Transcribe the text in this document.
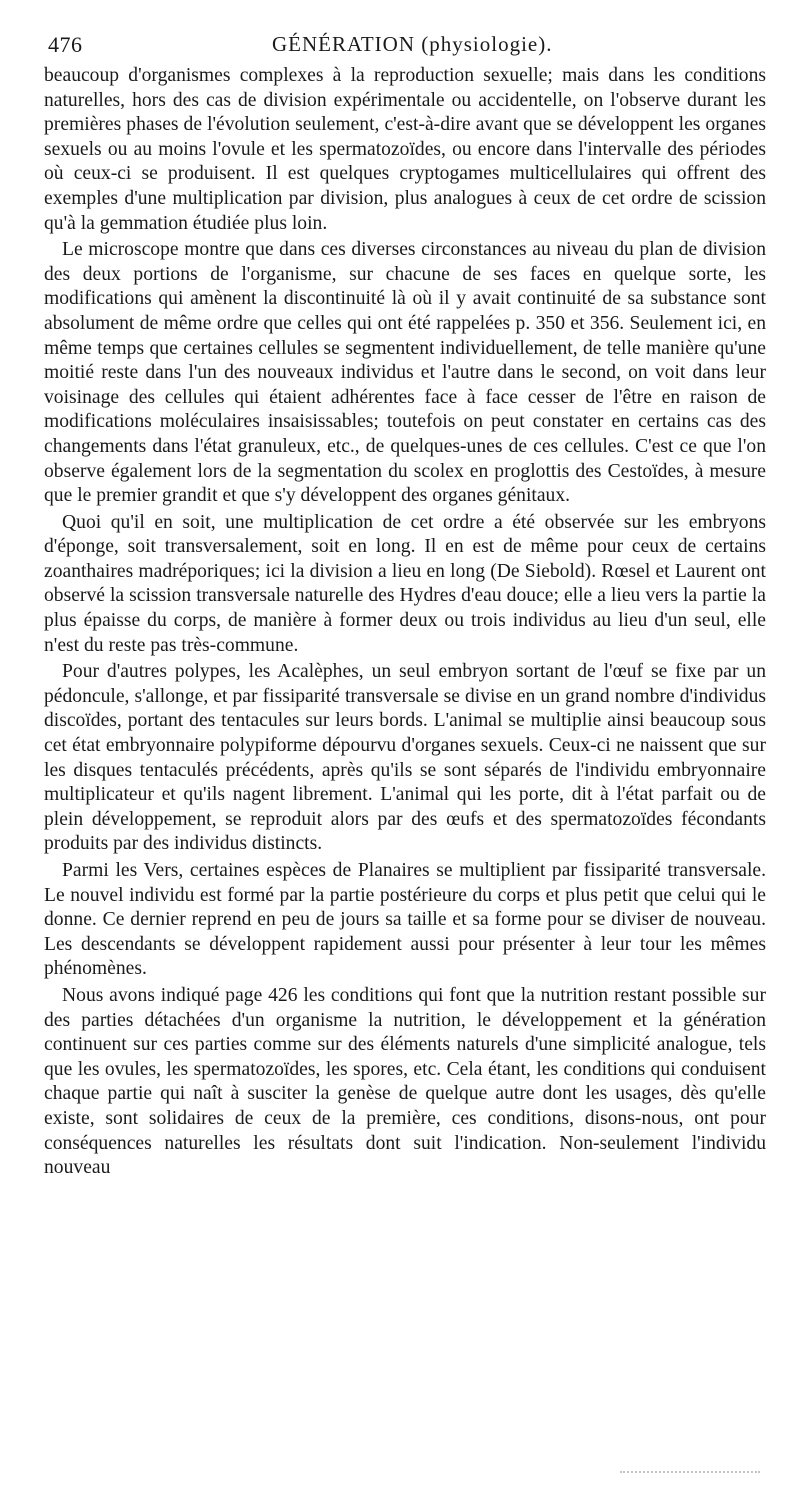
476	GÉNÉRATION (physiologie).

beaucoup d'organismes complexes à la reproduction sexuelle; mais dans les conditions naturelles, hors des cas de division expérimentale ou accidentelle, on l'observe durant les premières phases de l'évolution seulement, c'est-à-dire avant que se développent les organes sexuels ou au moins l'ovule et les spermatozoïdes, ou encore dans l'intervalle des périodes où ceux-ci se produisent. Il est quelques cryptogames multicellulaires qui offrent des exemples d'une multiplication par division, plus analogues à ceux de cet ordre de scission qu'à la gemmation étudiée plus loin.

Le microscope montre que dans ces diverses circonstances au niveau du plan de division des deux portions de l'organisme, sur chacune de ses faces en quelque sorte, les modifications qui amènent la discontinuité là où il y avait continuité de sa substance sont absolument de même ordre que celles qui ont été rappelées p. 350 et 356. Seulement ici, en même temps que certaines cellules se segmentent individuellement, de telle manière qu'une moitié reste dans l'un des nouveaux individus et l'autre dans le second, on voit dans leur voisinage des cellules qui étaient adhérentes face à face cesser de l'être en raison de modifications moléculaires insaisissables; toutefois on peut constater en certains cas des changements dans l'état granuleux, etc., de quelques-unes de ces cellules. C'est ce que l'on observe également lors de la segmentation du scolex en proglottis des Cestoïdes, à mesure que le premier grandit et que s'y développent des organes génitaux.

Quoi qu'il en soit, une multiplication de cet ordre a été observée sur les embryons d'éponge, soit transversalement, soit en long. Il en est de même pour ceux de certains zoanthaires madréporiques; ici la division a lieu en long (De Siebold). Rœsel et Laurent ont observé la scission transversale naturelle des Hydres d'eau douce; elle a lieu vers la partie la plus épaisse du corps, de manière à former deux ou trois individus au lieu d'un seul, elle n'est du reste pas très-commune.

Pour d'autres polypes, les Acalèphes, un seul embryon sortant de l'œuf se fixe par un pédoncule, s'allonge, et par fissiparité transversale se divise en un grand nombre d'individus discoïdes, portant des tentacules sur leurs bords. L'animal se multiplie ainsi beaucoup sous cet état embryonnaire polypiforme dépourvu d'organes sexuels. Ceux-ci ne naissent que sur les disques tentaculés précédents, après qu'ils se sont séparés de l'individu embryonnaire multiplicateur et qu'ils nagent librement. L'animal qui les porte, dit à l'état parfait ou de plein développement, se reproduit alors par des œufs et des spermatozoïdes fécondants produits par des individus distincts.

Parmi les Vers, certaines espèces de Planaires se multiplient par fissiparité transversale. Le nouvel individu est formé par la partie postérieure du corps et plus petit que celui qui le donne. Ce dernier reprend en peu de jours sa taille et sa forme pour se diviser de nouveau. Les descendants se développent rapidement aussi pour présenter à leur tour les mêmes phénomènes.

Nous avons indiqué page 426 les conditions qui font que la nutrition restant possible sur des parties détachées d'un organisme la nutrition, le développement et la génération continuent sur ces parties comme sur des éléments naturels d'une simplicité analogue, tels que les ovules, les spermatozoïdes, les spores, etc. Cela étant, les conditions qui conduisent chaque partie qui naît à susciter la genèse de quelque autre dont les usages, dès qu'elle existe, sont solidaires de ceux de la première, ces conditions, disons-nous, ont pour conséquences naturelles les résultats dont suit l'indication. Non-seulement l'individu nouveau
